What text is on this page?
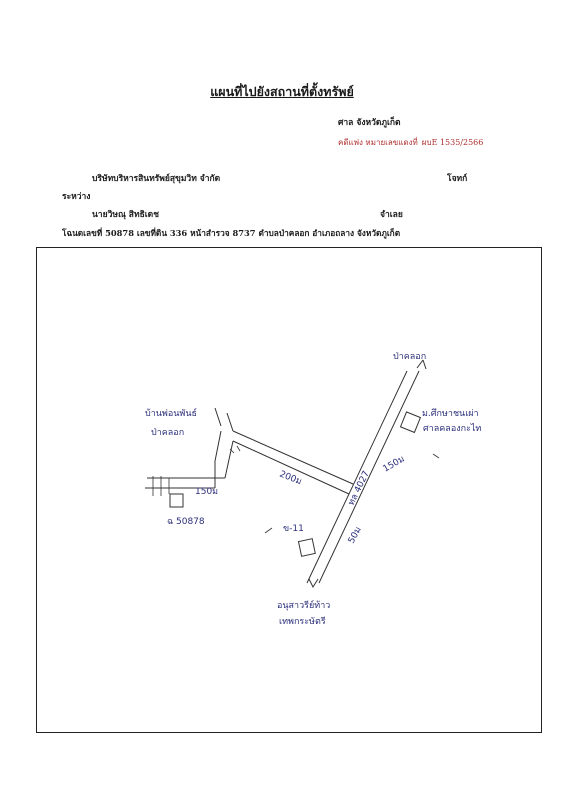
แผนที่ไปยังสถานที่ตั้งทรัพย์
ศาล จังหวัดภูเก็ต
คดีแพ่ง หมายเลขแดงที่ ผบE 1535/2566
บริษัทบริหารสินทรัพย์สุขุมวิท จำกัด	โจทก์
ระหว่าง
นายวิษณุ สิทธิเดช	จำเลย
โฉนดเลขที่ 50878 เลขที่ดิน 336 หน้าสำรวจ 8737 ตำบลป่าคลอก อำเภอถลาง จังหวัดภูเก็ต
ป่าคลอก
บ้านพ่อนพันธ์
ป่าคลอก
ม.ศึกษาชนเผ่า
ศาลคลองกะไท
200ม
150ม
150ม
50ม
ทล 4027
ข-11
ฉ 50878
อนุสาวรีย์ท้าว
เทพกระษัตรี
